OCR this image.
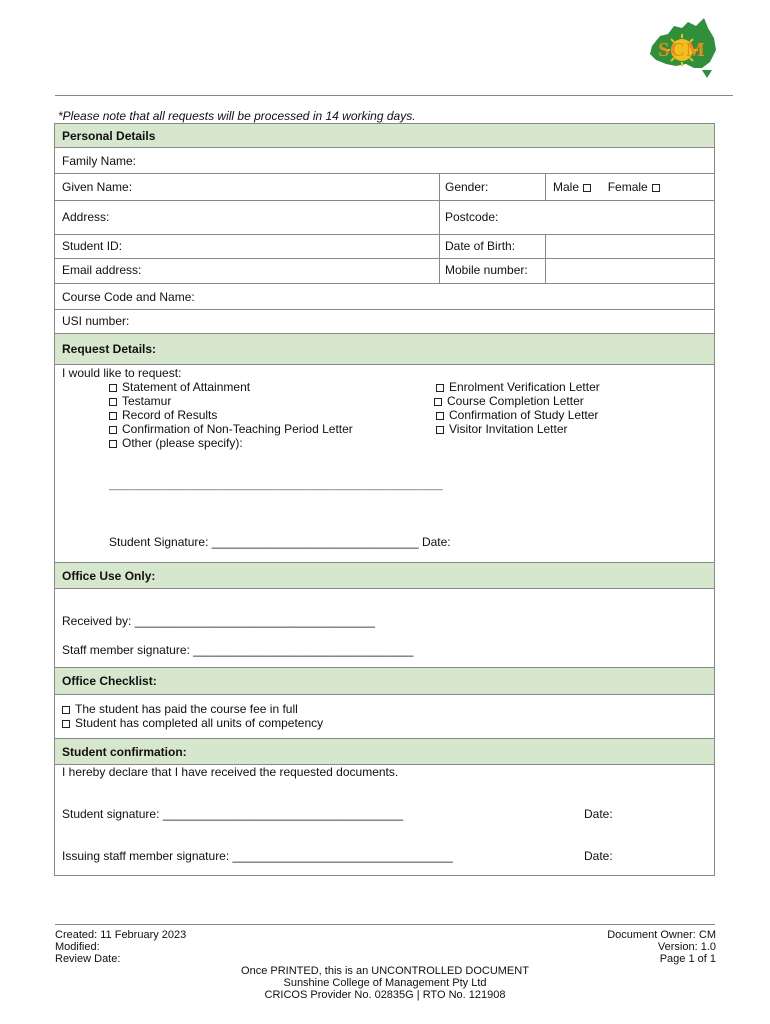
SCM
*Please note that all requests will be processed in 14 working days.
Personal Details
Family Name:
Given Name:	Gender:	Male Female
Address:	Postcode:
Student ID:	Date of Birth:
Email address:	Mobile number:
Course Code and Name:
USI number:
Request Details:
I would like to request:
Statement of Attainment
Testamur
Record of Results
Confirmation of Non-Teaching Period Letter
Other (please specify):
Enrolment Verification Letter
Course Completion Letter
Confirmation of Study Letter
Visitor Invitation Letter
____________________________________________________________
Student Signature: _______________________________ Date:
Office Use Only:
Received by: ____________________________________
Staff member signature: _________________________________
Office Checklist:
The student has paid the course fee in full
Student has completed all units of competency
Student confirmation:
I hereby declare that I have received the requested documents.
Student signature: ____________________________________	Date:
Issuing staff member signature: _________________________________	Date:
Created: 11 February 2023
Modified:
Review Date:
Document Owner: CM
Version: 1.0
Page 1 of 1
Once PRINTED, this is an UNCONTROLLED DOCUMENT
Sunshine College of Management Pty Ltd
CRICOS Provider No. 02835G | RTO No. 121908
